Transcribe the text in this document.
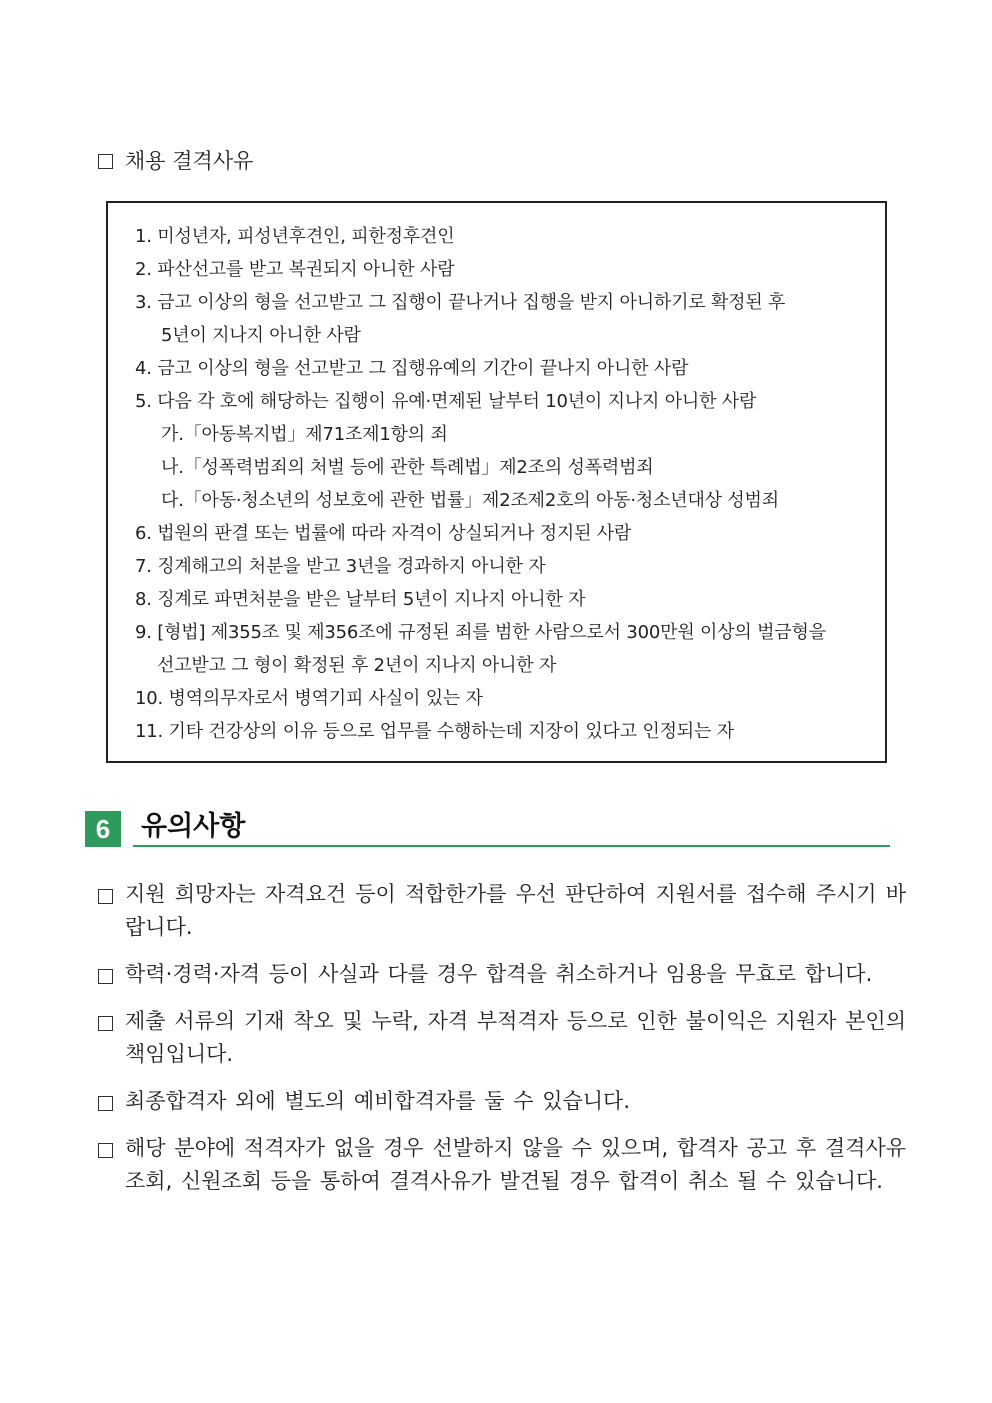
채용 결격사유
1. 미성년자, 피성년후견인, 피한정후견인
2. 파산선고를 받고 복권되지 아니한 사람
3. 금고 이상의 형을 선고받고 그 집행이 끝나거나 집행을 받지 아니하기로 확정된 후
5년이 지나지 아니한 사람
4. 금고 이상의 형을 선고받고 그 집행유예의 기간이 끝나지 아니한 사람
5. 다음 각 호에 해당하는 집행이 유예·면제된 날부터 10년이 지나지 아니한 사람
가.「아동복지법」제71조제1항의 죄
나.「성폭력범죄의 처벌 등에 관한 특례법」제2조의 성폭력범죄
다.「아동·청소년의 성보호에 관한 법률」제2조제2호의 아동·청소년대상 성범죄
6. 법원의 판결 또는 법률에 따라 자격이 상실되거나 정지된 사람
7. 징계해고의 처분을 받고 3년을 경과하지 아니한 자
8. 징계로 파면처분을 받은 날부터 5년이 지나지 아니한 자
9. [형법] 제355조 및 제356조에 규정된 죄를 범한 사람으로서 300만원 이상의 벌금형을
선고받고 그 형이 확정된 후 2년이 지나지 아니한 자
10. 병역의무자로서 병역기피 사실이 있는 자
11. 기타 건강상의 이유 등으로 업무를 수행하는데 지장이 있다고 인정되는 자
6	유의사항
지원 희망자는 자격요건 등이 적합한가를 우선 판단하여 지원서를 접수해 주시기 바랍니다.
학력·경력·자격 등이 사실과 다를 경우 합격을 취소하거나 임용을 무효로 합니다.
제출 서류의 기재 착오 및 누락, 자격 부적격자 등으로 인한 불이익은 지원자 본인의 책임입니다.
최종합격자 외에 별도의 예비합격자를 둘 수 있습니다.
해당 분야에 적격자가 없을 경우 선발하지 않을 수 있으며, 합격자 공고 후 결격사유 조회, 신원조회 등을 통하여 결격사유가 발견될 경우 합격이 취소 될 수 있습니다.
